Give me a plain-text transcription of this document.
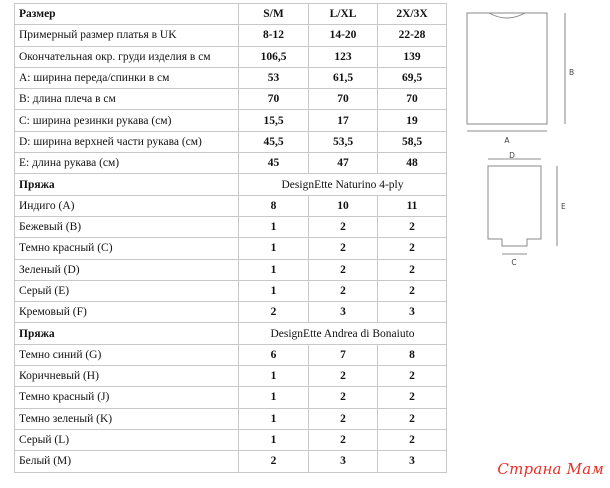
Размер	S/M	L/XL	2X/3X
Примерный размер платья в UK	8-12	14-20	22-28
Окончательная окр. груди изделия в см	106,5	123	139
А: ширина переда/спинки в см	53	61,5	69,5
B: длина плеча в см	70	70	70
C: ширина резинки рукава (см)	15,5	17	19
D: ширина верхней части рукава (см)	45,5	53,5	58,5
E: длина рукава (см)	45	47	48
Пряжа	DesignEtte Naturino 4-ply		
Индиго (A)	8	10	11
Бежевый (B)	1	2	2
Темно красный (C)	1	2	2
Зеленый (D)	1	2	2
Серый (E)	1	2	2
Кремовый (F)	2	3	3
Пряжа	DesignEtte Andrea di Bonaiuto		
Темно синий (G)	6	7	8
Коричневый (H)	1	2	2
Темно красный (J)	1	2	2
Темно зеленый (K)	1	2	2
Серый (L)	1	2	2
Белый (M)	2	3	3
A
B
D
E
C
Страна Мам
